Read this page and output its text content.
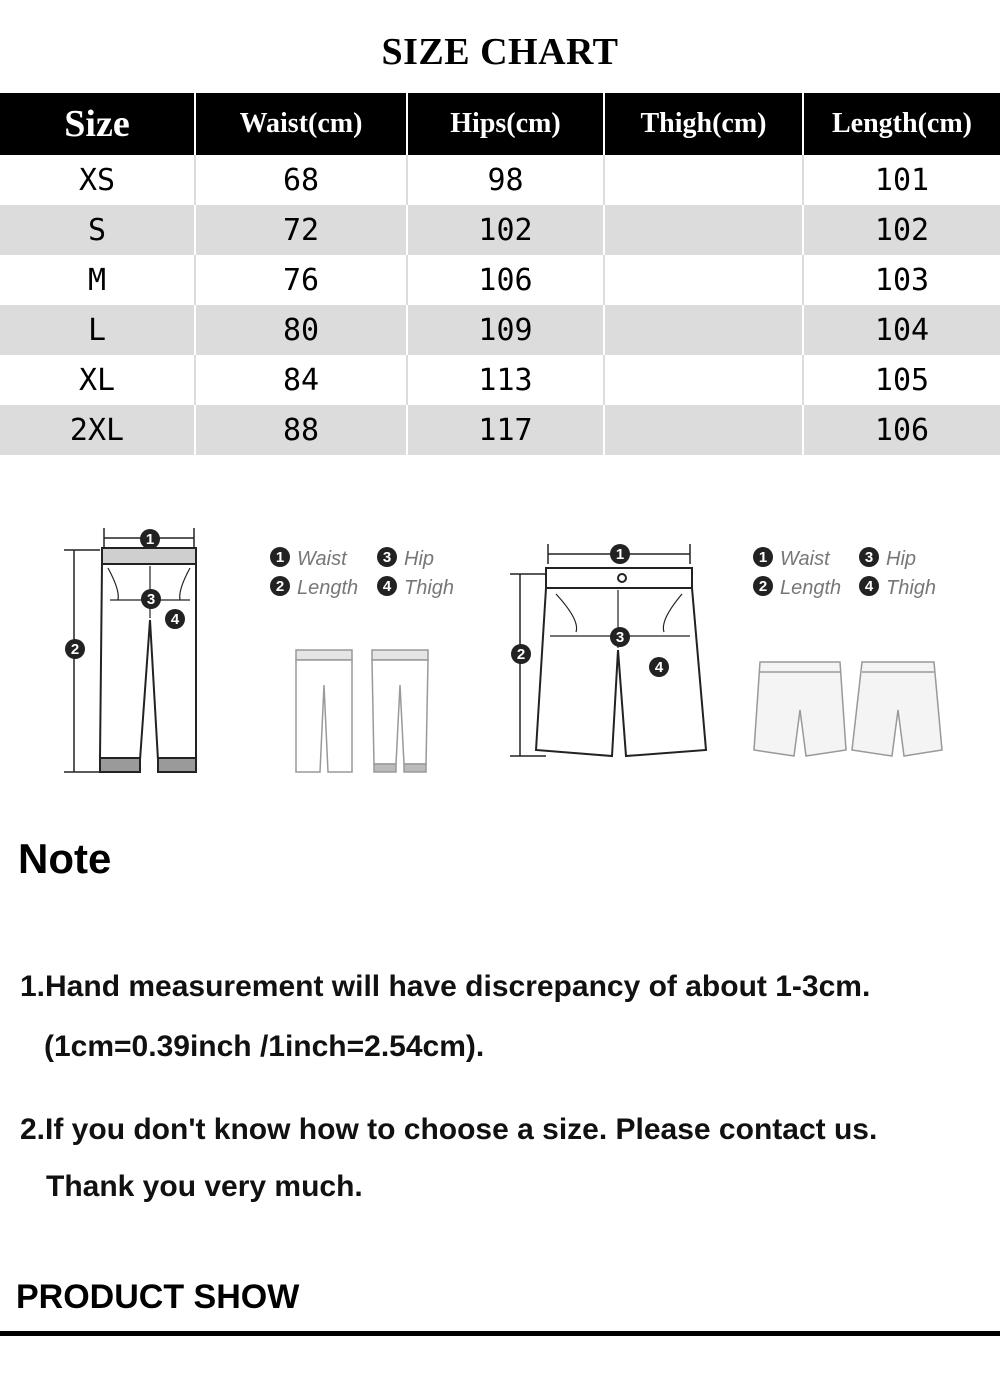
SIZE CHART
Size	Waist(cm)	Hips(cm)	Thigh(cm)	Length(cm)
XS	68	98		101
S	72	102		102
M	76	106		103
L	80	109		104
XL	84	113		105
2XL	88	117		106
1
2
3
4
1 Waist 3 Hip
2 Length 4 Thigh
1
2
3
4
1 Waist 3 Hip
2 Length 4 Thigh
Note
1.Hand measurement will have discrepancy of about 1-3cm.
(1cm=0.39inch /1inch=2.54cm).
2.If you don't know how to choose a size. Please contact us.
Thank you very much.
PRODUCT SHOW
